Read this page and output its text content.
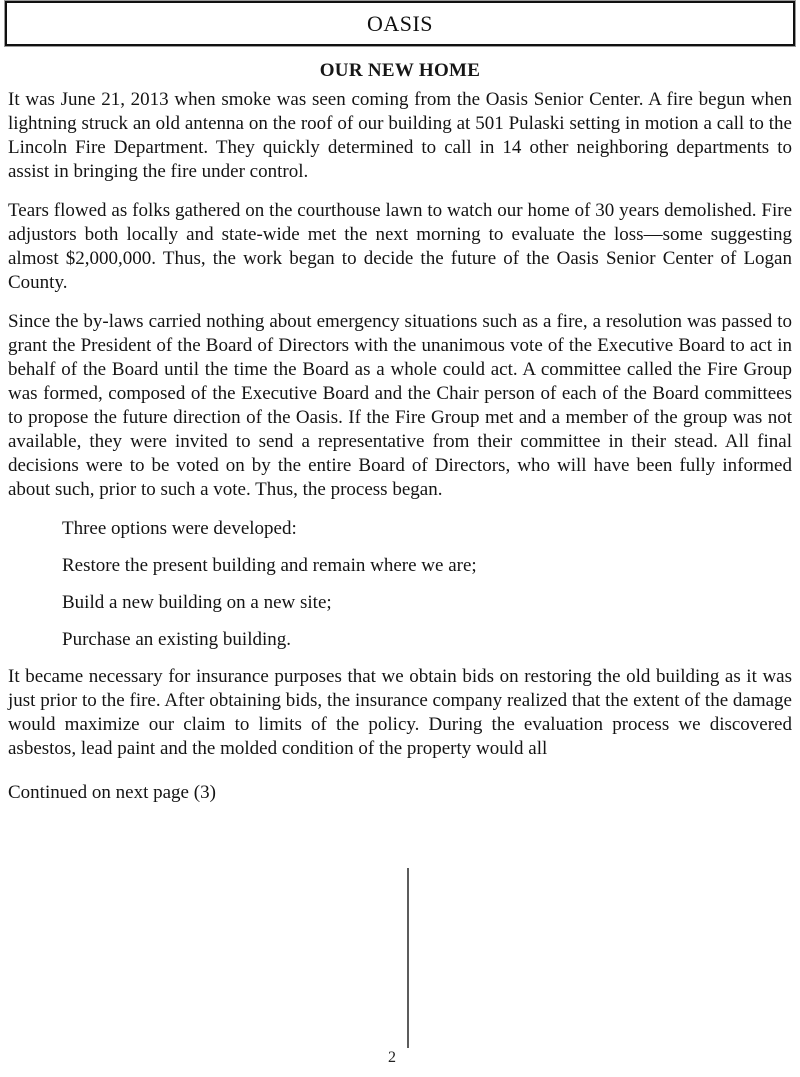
OASIS
OUR NEW HOME

It was June 21, 2013 when smoke was seen coming from the Oasis Senior Center. A fire begun when lightning struck an old antenna on the roof of our building at 501 Pulaski setting in motion a call to the Lincoln Fire Department. They quickly determined to call in 14 other neighboring departments to assist in bringing the fire under control.

Tears flowed as folks gathered on the courthouse lawn to watch our home of 30 years demolished. Fire adjustors both locally and state-wide met the next morning to evaluate the loss—some suggesting almost $2,000,000. Thus, the work began to decide the future of the Oasis Senior Center of Logan County.

Since the by-laws carried nothing about emergency situations such as a fire, a resolution was passed to grant the President of the Board of Directors with the unanimous vote of the Executive Board to act in behalf of the Board until the time the Board as a whole could act. A committee called the Fire Group was formed, composed of the Executive Board and the Chair person of each of the Board committees to propose the future direction of the Oasis. If the Fire Group met and a member of the group was not available, they were invited to send a representative from their committee in their stead. All final decisions were to be voted on by the entire Board of Directors, who will have been fully informed about such, prior to such a vote. Thus, the process began.

Three options were developed:

Restore the present building and remain where we are;

Build a new building on a new site;

Purchase an existing building.

It became necessary for insurance purposes that we obtain bids on restoring the old building as it was just prior to the fire. After obtaining bids, the insurance company realized that the extent of the damage would maximize our claim to limits of the policy. During the evaluation process we discovered asbestos, lead paint and the molded condition of the property would all

Continued on next page (3)

2
